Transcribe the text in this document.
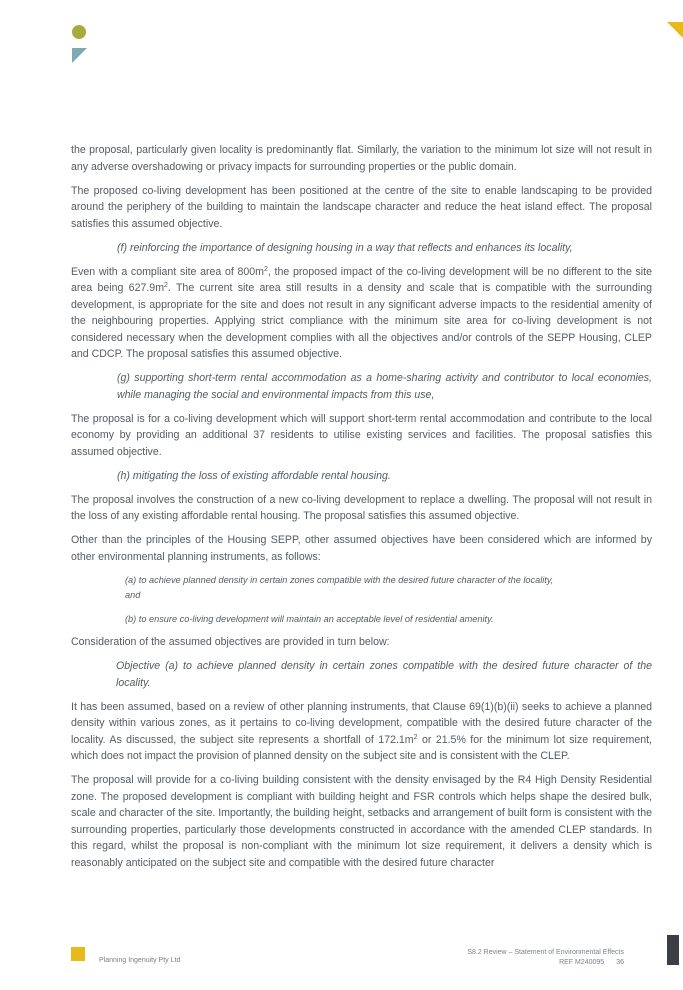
the proposal, particularly given locality is predominantly flat. Similarly, the variation to the minimum lot size will not result in any adverse overshadowing or privacy impacts for surrounding properties or the public domain.

The proposed co-living development has been positioned at the centre of the site to enable landscaping to be provided around the periphery of the building to maintain the landscape character and reduce the heat island effect. The proposal satisfies this assumed objective.

(f) reinforcing the importance of designing housing in a way that reflects and enhances its locality,

Even with a compliant site area of $800m^2$, the proposed impact of the co-living development will be no different to the site area being $627.9m^2$. The current site area still results in a density and scale that is compatible with the surrounding development, is appropriate for the site and does not result in any significant adverse impacts to the residential amenity of the neighbouring properties. Applying strict compliance with the minimum site area for co-living development is not considered necessary when the development complies with all the objectives and/or controls of the SEPP Housing, CLEP and CDCP. The proposal satisfies this assumed objective.

(g) supporting short-term rental accommodation as a home-sharing activity and contributor to local economies, while managing the social and environmental impacts from this use,

The proposal is for a co-living development which will support short-term rental accommodation and contribute to the local economy by providing an additional 37 residents to utilise existing services and facilities. The proposal satisfies this assumed objective.

(h) mitigating the loss of existing affordable rental housing.

The proposal involves the construction of a new co-living development to replace a dwelling. The proposal will not result in the loss of any existing affordable rental housing. The proposal satisfies this assumed objective.

Other than the principles of the Housing SEPP, other assumed objectives have been considered which are informed by other environmental planning instruments, as follows:

(a) to achieve planned density in certain zones compatible with the desired future character of the locality,
and

(b) to ensure co-living development will maintain an acceptable level of residential amenity.

Consideration of the assumed objectives are provided in turn below:

Objective (a) to achieve planned density in certain zones compatible with the desired future character of the locality.

It has been assumed, based on a review of other planning instruments, that Clause 69(1)(b)(ii) seeks to achieve a planned density within various zones, as it pertains to co-living development, compatible with the desired future character of the locality. As discussed, the subject site represents a shortfall of $172.1m^2$ or 21.5% for the minimum lot size requirement, which does not impact the provision of planned density on the subject site and is consistent with the CLEP.

The proposal will provide for a co-living building consistent with the density envisaged by the R4 High Density Residential zone. The proposed development is compliant with building height and FSR controls which helps shape the desired bulk, scale and character of the site. Importantly, the building height, setbacks and arrangement of built form is consistent with the surrounding properties, particularly those developments constructed in accordance with the amended CLEP standards. In this regard, whilst the proposal is non-compliant with the minimum lot size requirement, it delivers a density which is reasonably anticipated on the subject site and compatible with the desired future character

Planning Ingenuity Pty Ltd
S8.2 Review – Statement of Environmental Effects
REF M240095 36
